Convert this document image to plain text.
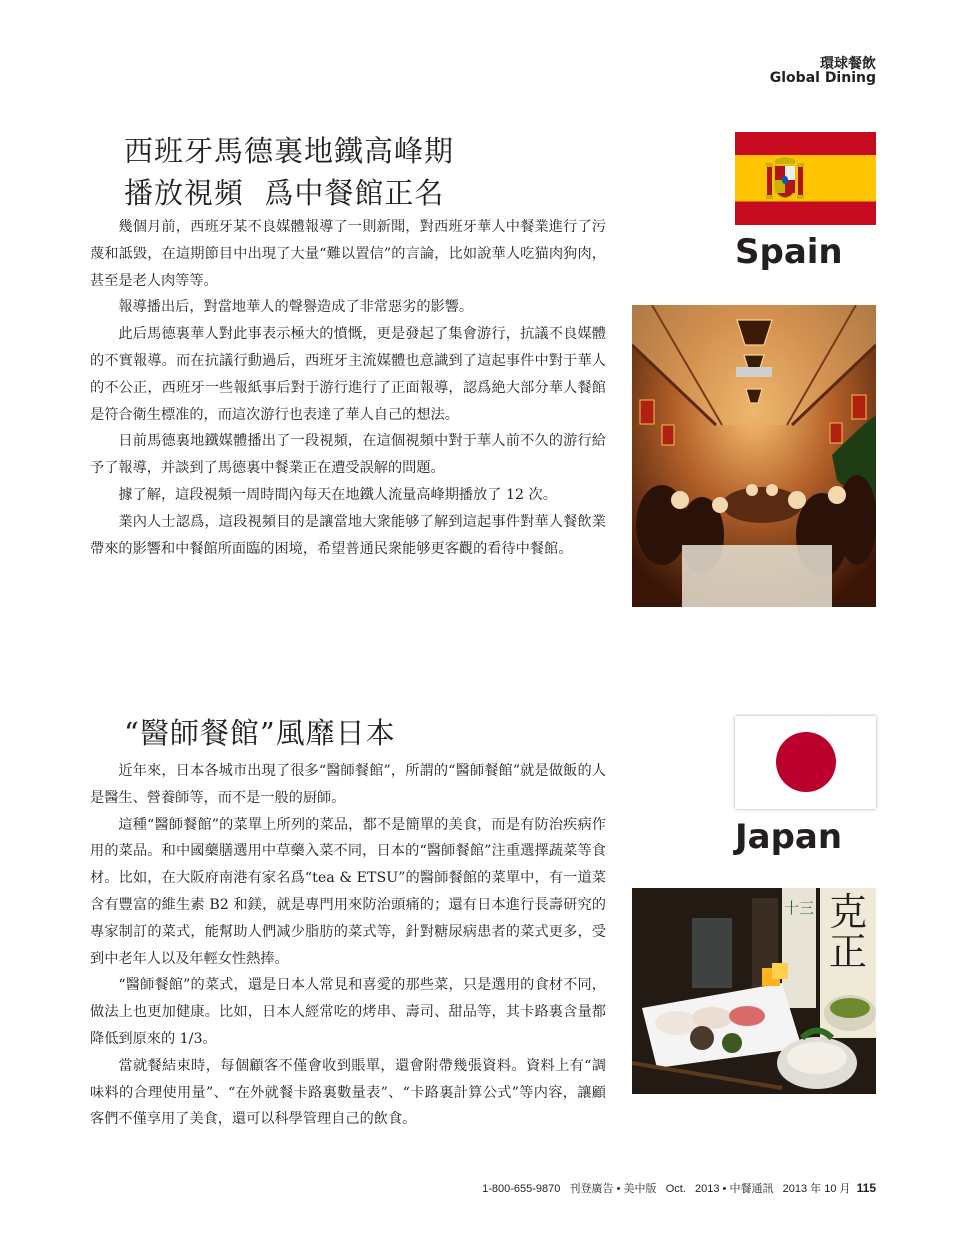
環球餐飲
Global Dining
西班牙馬德裏地鐵高峰期
播放視頻  爲中餐館正名

幾個月前，西班牙某不良媒體報導了一則新聞，對西班牙華人中餐業進行了污蔑和詆毀，在這期節目中出現了大量“難以置信”的言論，比如說華人吃猫肉狗肉，甚至是老人肉等等。

報導播出后，對當地華人的聲譽造成了非常惡劣的影響。

此后馬德裏華人對此事表示極大的憤慨，更是發起了集會游行，抗議不良媒體的不實報導。而在抗議行動過后，西班牙主流媒體也意識到了這起事件中對于華人的不公正，西班牙一些報紙事后對于游行進行了正面報導，認爲絶大部分華人餐館是符合衛生標准的，而這次游行也表達了華人自己的想法。

日前馬德裏地鐵媒體播出了一段視頻，在這個視頻中對于華人前不久的游行給予了報導，并談到了馬德裏中餐業正在遭受誤解的問題。

據了解，這段視頻一周時間內每天在地鐵人流量高峰期播放了 12 次。

業內人士認爲，這段視頻目的是讓當地大衆能够了解到這起事件對華人餐飲業帶來的影響和中餐館所面臨的困境，希望普通民衆能够更客觀的看待中餐館。

Spain
“醫師餐館”風靡日本

近年來，日本各城市出現了很多“醫師餐館”，所謂的“醫師餐館”就是做飯的人是醫生、營養師等，而不是一般的厨師。

這種“醫師餐館”的菜單上所列的菜品，都不是簡單的美食，而是有防治疾病作用的菜品。和中國藥膳選用中草藥入菜不同，日本的“醫師餐館”注重選擇蔬菜等食材。比如，在大阪府南港有家名爲“tea & ETSU”的醫師餐館的菜單中，有一道菜含有豐富的維生素 B2 和鎂，就是專門用來防治頭痛的；還有日本進行長壽研究的專家制訂的菜式，能幫助人們减少脂肪的菜式等，針對糖尿病患者的菜式更多，受到中老年人以及年輕女性熱捧。

“醫師餐館”的菜式，還是日本人常見和喜愛的那些菜，只是選用的食材不同，做法上也更加健康。比如，日本人經常吃的烤串、壽司、甜品等，其卡路裏含量都降低到原來的 1/3。

當就餐結束時，每個顧客不僅會收到賬單，還會附帶幾張資料。資料上有“調味料的合理使用量”、“在外就餐卡路裏數量表”、“卡路裏計算公式”等内容，讓顧客們不僅享用了美食，還可以科學管理自己的飲食。

Japan
克正
十三
1-800-655-9870 刊登廣告 • 美中版 Oct. 2013 • 中餐通訊 2013 年 10 月 115
